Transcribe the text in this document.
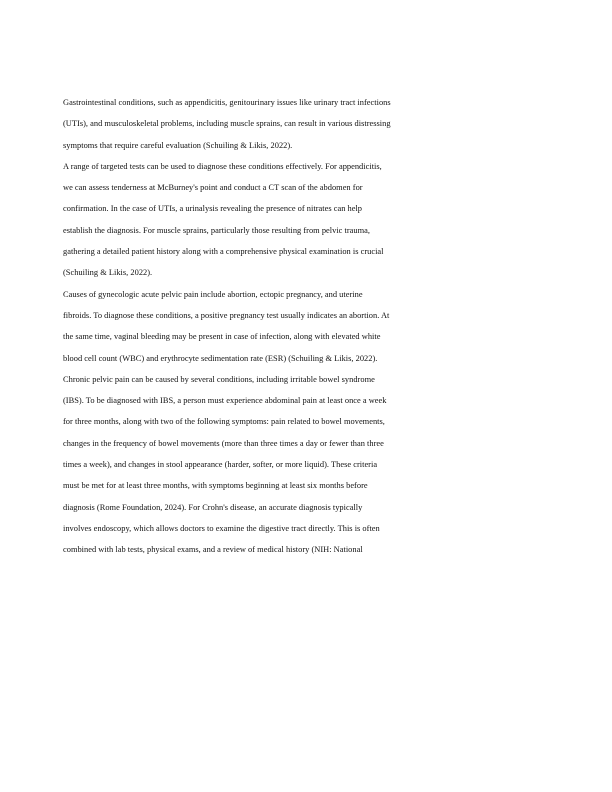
Gastrointestinal conditions, such as appendicitis, genitourinary issues like urinary tract infections
(UTIs), and musculoskeletal problems, including muscle sprains, can result in various distressing
symptoms that require careful evaluation (Schuiling & Likis, 2022).
A range of targeted tests can be used to diagnose these conditions effectively. For appendicitis,
we can assess tenderness at McBurney's point and conduct a CT scan of the abdomen for
confirmation. In the case of UTIs, a urinalysis revealing the presence of nitrates can help
establish the diagnosis. For muscle sprains, particularly those resulting from pelvic trauma,
gathering a detailed patient history along with a comprehensive physical examination is crucial
(Schuiling & Likis, 2022).
Causes of gynecologic acute pelvic pain include abortion, ectopic pregnancy, and uterine
fibroids. To diagnose these conditions, a positive pregnancy test usually indicates an abortion. At
the same time, vaginal bleeding may be present in case of infection, along with elevated white
blood cell count (WBC) and erythrocyte sedimentation rate (ESR) (Schuiling & Likis, 2022).
Chronic pelvic pain can be caused by several conditions, including irritable bowel syndrome
(IBS). To be diagnosed with IBS, a person must experience abdominal pain at least once a week
for three months, along with two of the following symptoms: pain related to bowel movements,
changes in the frequency of bowel movements (more than three times a day or fewer than three
times a week), and changes in stool appearance (harder, softer, or more liquid). These criteria
must be met for at least three months, with symptoms beginning at least six months before
diagnosis (Rome Foundation, 2024). For Crohn's disease, an accurate diagnosis typically
involves endoscopy, which allows doctors to examine the digestive tract directly. This is often
combined with lab tests, physical exams, and a review of medical history (NIH: National
